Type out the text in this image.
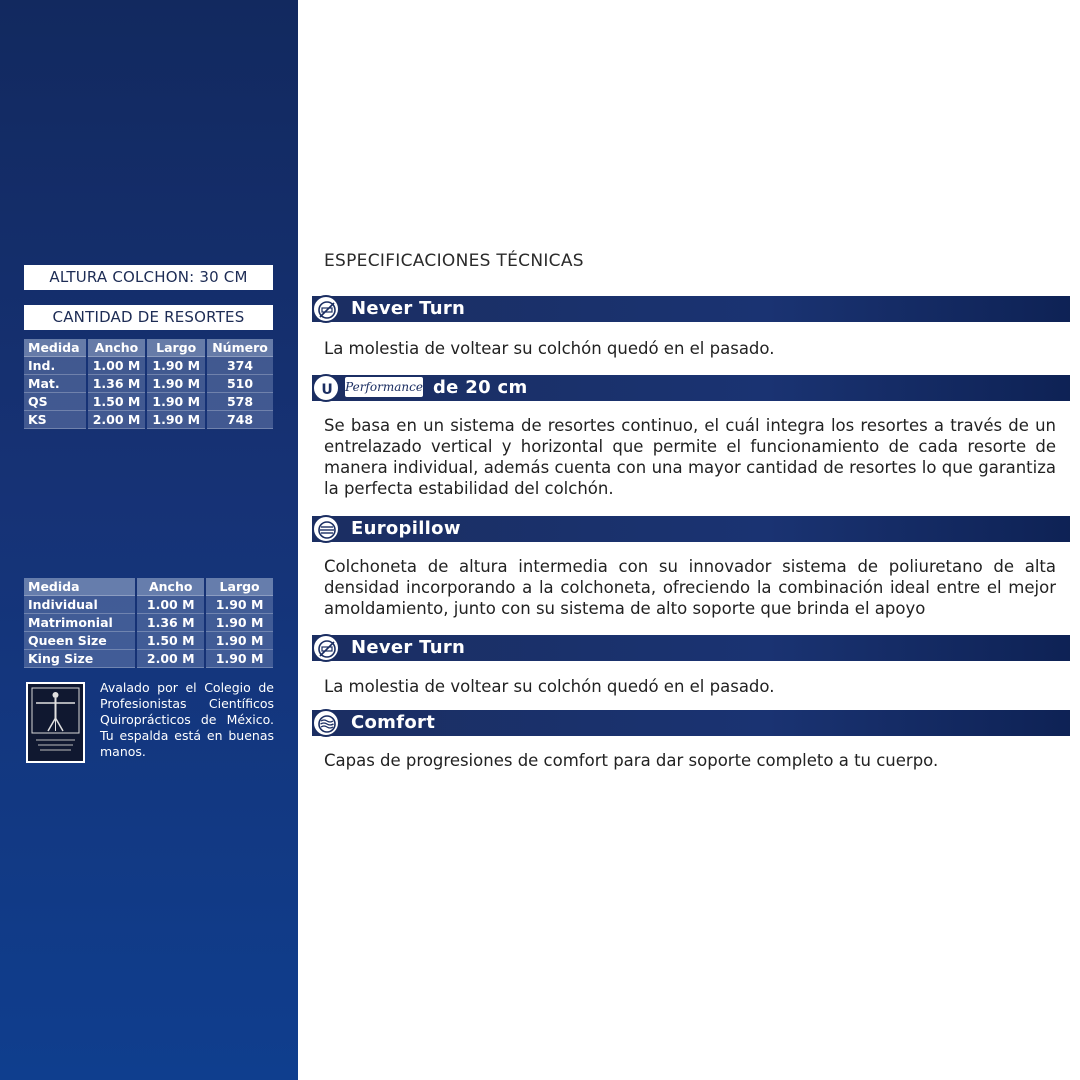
ALTURA COLCHON: 30 CM
CANTIDAD DE RESORTES
Medida	Ancho	Largo	Número
Ind.	1.00 M	1.90 M	374
Mat.	1.36 M	1.90 M	510
QS	1.50 M	1.90 M	578
KS	2.00 M	1.90 M	748
Medida	Ancho	Largo
Individual	1.00 M	1.90 M
Matrimonial	1.36 M	1.90 M
Queen Size	1.50 M	1.90 M
King Size	2.00 M	1.90 M
Avalado por el Colegio de Profesionistas Científicos Quiroprácticos de México. Tu espalda está en buenas manos.
ESPECIFICACIONES TÉCNICAS
Never Turn

La molestia de voltear su colchón quedó en el pasado.

U Performance de 20 cm

Se basa en un sistema de resortes continuo, el cuál integra los resortes a través de un entrelazado vertical y horizontal que permite el funcionamiento de cada resorte de manera individual, además cuenta con una mayor cantidad de resortes lo que garantiza la perfecta estabilidad del colchón.

Europillow

Colchoneta de altura intermedia con su innovador sistema de poliuretano de alta densidad incorporando a la colchoneta, ofreciendo la combinación ideal entre el mejor amoldamiento, junto con su sistema de alto soporte que brinda el apoyo

Never Turn

La molestia de voltear su colchón quedó en el pasado.

Comfort

Capas de progresiones de comfort para dar soporte completo a tu cuerpo.
